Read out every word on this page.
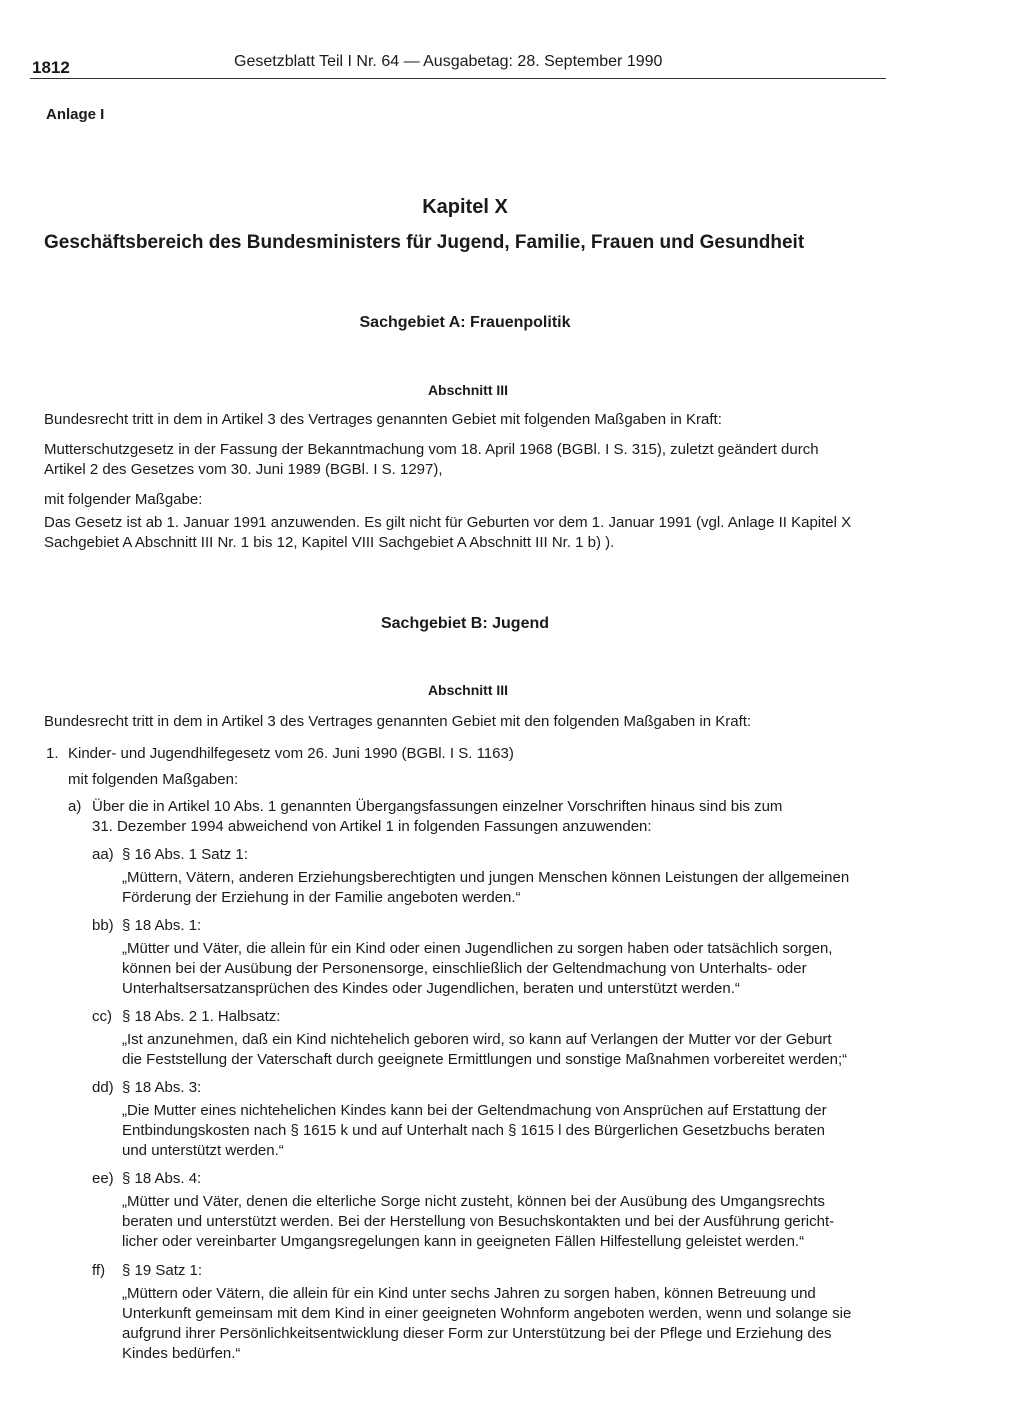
1812	Gesetzblatt Teil I Nr. 64 — Ausgabetag: 28. September 1990
Anlage I
Kapitel X
Geschäftsbereich des Bundesministers für Jugend, Familie, Frauen und Gesundheit
Sachgebiet A: Frauenpolitik
Abschnitt III
Bundesrecht tritt in dem in Artikel 3 des Vertrages genannten Gebiet mit folgenden Maßgaben in Kraft:
Mutterschutzgesetz in der Fassung der Bekanntmachung vom 18. April 1968 (BGBl. I S. 315), zuletzt geändert durch
Artikel 2 des Gesetzes vom 30. Juni 1989 (BGBl. I S. 1297),
mit folgender Maßgabe:
Das Gesetz ist ab 1. Januar 1991 anzuwenden. Es gilt nicht für Geburten vor dem 1. Januar 1991 (vgl. Anlage II Kapitel X
Sachgebiet A Abschnitt III Nr. 1 bis 12, Kapitel VIII Sachgebiet A Abschnitt III Nr. 1 b) ).
Sachgebiet B: Jugend
Abschnitt III
Bundesrecht tritt in dem in Artikel 3 des Vertrages genannten Gebiet mit den folgenden Maßgaben in Kraft:
1. Kinder- und Jugendhilfegesetz vom 26. Juni 1990 (BGBl. I S. 1163)
mit folgenden Maßgaben:
a) Über die in Artikel 10 Abs. 1 genannten Übergangsfassungen einzelner Vorschriften hinaus sind bis zum
31. Dezember 1994 abweichend von Artikel 1 in folgenden Fassungen anzuwenden:
aa) § 16 Abs. 1 Satz 1:
„Müttern, Vätern, anderen Erziehungsberechtigten und jungen Menschen können Leistungen der allgemeinen
Förderung der Erziehung in der Familie angeboten werden.“
bb) § 18 Abs. 1:
„Mütter und Väter, die allein für ein Kind oder einen Jugendlichen zu sorgen haben oder tatsächlich sorgen,
können bei der Ausübung der Personensorge, einschließlich der Geltendmachung von Unterhalts- oder
Unterhaltsersatzansprüchen des Kindes oder Jugendlichen, beraten und unterstützt werden.“
cc) § 18 Abs. 2 1. Halbsatz:
„Ist anzunehmen, daß ein Kind nichtehelich geboren wird, so kann auf Verlangen der Mutter vor der Geburt
die Feststellung der Vaterschaft durch geeignete Ermittlungen und sonstige Maßnahmen vorbereitet werden;“
dd) § 18 Abs. 3:
„Die Mutter eines nichtehelichen Kindes kann bei der Geltendmachung von Ansprüchen auf Erstattung der
Entbindungskosten nach § 1615 k und auf Unterhalt nach § 1615 l des Bürgerlichen Gesetzbuchs beraten
und unterstützt werden.“
ee) § 18 Abs. 4:
„Mütter und Väter, denen die elterliche Sorge nicht zusteht, können bei der Ausübung des Umgangsrechts
beraten und unterstützt werden. Bei der Herstellung von Besuchskontakten und bei der Ausführung gericht-
licher oder vereinbarter Umgangsregelungen kann in geeigneten Fällen Hilfestellung geleistet werden.“
ff) § 19 Satz 1:
„Müttern oder Vätern, die allein für ein Kind unter sechs Jahren zu sorgen haben, können Betreuung und
Unterkunft gemeinsam mit dem Kind in einer geeigneten Wohnform angeboten werden, wenn und solange sie
aufgrund ihrer Persönlichkeitsentwicklung dieser Form zur Unterstützung bei der Pflege und Erziehung des
Kindes bedürfen.“
